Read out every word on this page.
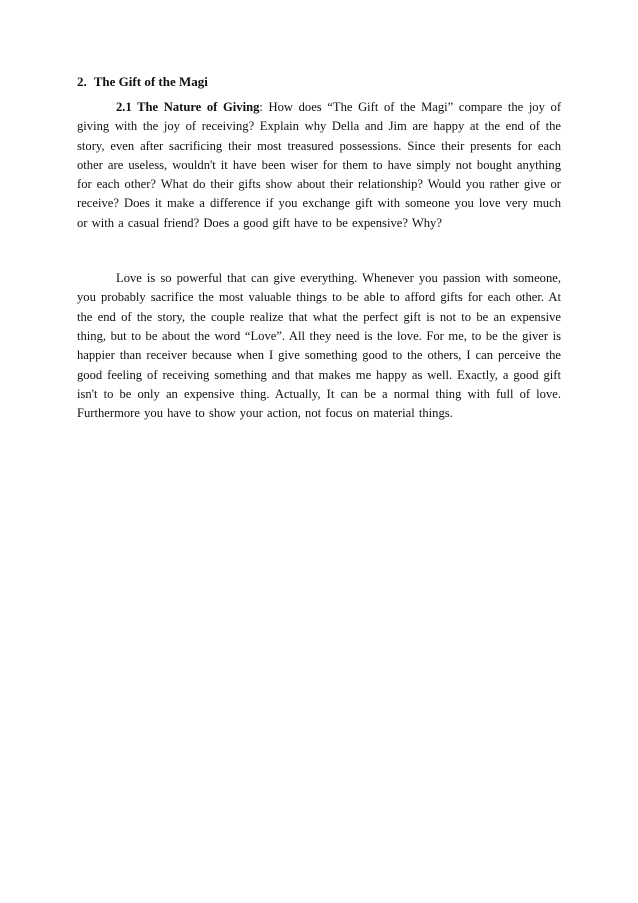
2. The Gift of the Magi

2.1 The Nature of Giving: How does “The Gift of the Magi” compare the joy of giving with the joy of receiving? Explain why Della and Jim are happy at the end of the story, even after sacrificing their most treasured possessions. Since their presents for each other are useless, wouldn't it have been wiser for them to have simply not bought anything for each other? What do their gifts show about their relationship? Would you rather give or receive? Does it make a difference if you exchange gift with someone you love very much or with a casual friend? Does a good gift have to be expensive? Why?

Love is so powerful that can give everything. Whenever you passion with someone, you probably sacrifice the most valuable things to be able to afford gifts for each other. At the end of the story, the couple realize that what the perfect gift is not to be an expensive thing, but to be about the word “Love”. All they need is the love. For me, to be the giver is happier than receiver because when I give something good to the others, I can perceive the good feeling of receiving something and that makes me happy as well. Exactly, a good gift isn't to be only an expensive thing. Actually, It can be a normal thing with full of love. Furthermore you have to show your action, not focus on material things.
